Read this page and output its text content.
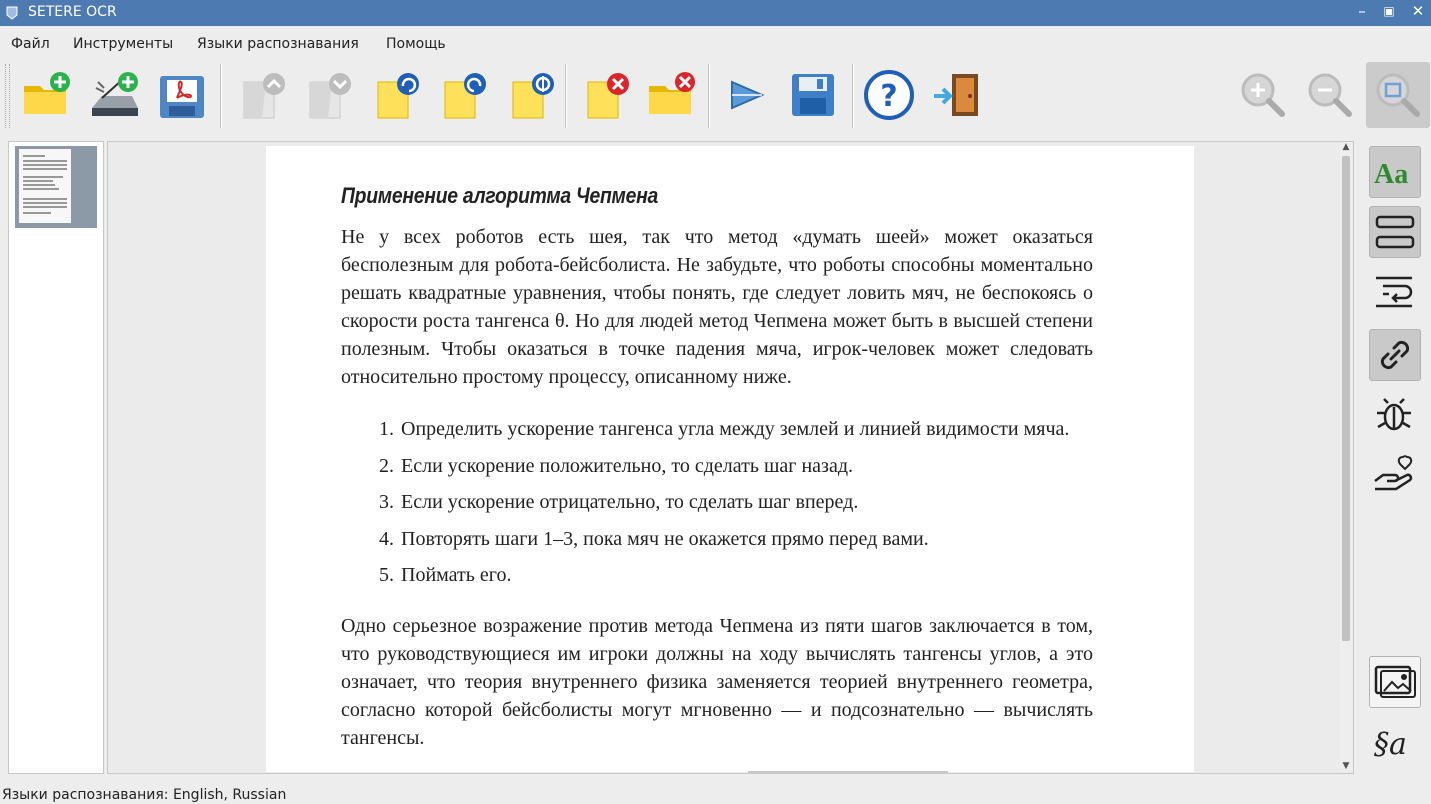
SETERE OCR	–	▣	✕
Файл Инструменты Языки распознавания Помощь
?
Применение алгоритма Чепмена

Не у всех роботов есть шея, так что метод «думать шеей» может оказаться бесполезным для робота-бейсболиста. Не забудьте, что роботы способны моментально решать квадратные уравнения, чтобы понять, где следует ловить мяч, не беспокоясь о скорости роста тангенса θ. Но для людей метод Чепмена может быть в высшей степени полезным. Чтобы оказаться в точке падения мяча, игрок-человек может следовать относительно простому процессу, описанному ниже.

1. Определить ускорение тангенса угла между землей и линией видимости мяча.
2. Если ускорение положительно, то сделать шаг назад.
3. Если ускорение отрицательно, то сделать шаг вперед.
4. Повторять шаги 1–3, пока мяч не окажется прямо перед вами.
5. Поймать его.

Одно серьезное возражение против метода Чепмена из пяти шагов заключается в том, что руководствующиеся им игроки должны на ходу вычислять тангенсы углов, а это означает, что теория внутреннего физика заменяется теорией внутреннего геометра, согласно которой бейсболисты могут мгновенно — и подсознательно — вычислять тангенсы.

▲
▼
Aa
§a
Языки распознавания: English, Russian
